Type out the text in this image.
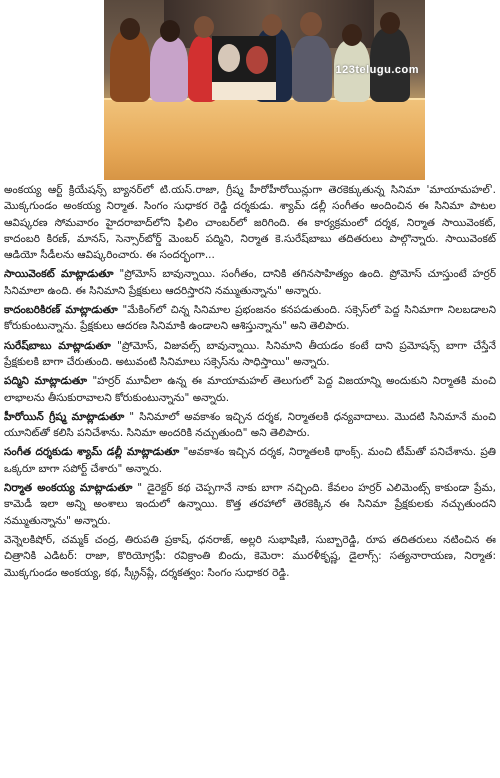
123telugu.com

అంకయ్య ఆర్ట్ క్రియేషన్స్ బ్యానర్‌లో టి.యస్.రాజా, గ్రీష్మ హీరోహీరోయిన్లుగా తెరకెక్కుతున్న సినిమా 'మాయామహల్'. మొక్కగుండం అంకయ్య నిర్మాత. సింగం సుధాకర రెడ్డి దర్శకుడు. శ్యామ్ డల్లీ సంగీతం అందించిన ఈ సినిమా పాటల ఆవిష్కరణ సోమవారం హైదరాబాద్‌లోని ఫిలిం చాంబర్‌లో జరిగింది. ఈ కార్యక్రమంలో దర్శక, నిర్మాత సాయివెంకట్, కాదంబరి కిరణ్, మానస్, సెన్సార్‌బోర్డ్ మెంబర్ పద్మిని, నిర్మాత కె.సురేష్‌బాబు తదితరులు పాల్గొన్నారు. సాయివెంకట్ ఆడియో సీడీలను ఆవిష్కరించారు. ఈ సందర్భంగా...

సాయివెంకట్ మాట్లాడుతూ "ప్రోమోస్ బావున్నాయి. సంగీతం, దానికి తగినసాహిత్యం ఉంది. ప్రోమోస్ చూస్తుంటే హర్రర్ సినిమాలా ఉంది. ఈ సినిమాని ప్రేక్షకులు ఆదరిస్తారని నమ్ముతున్నాను" అన్నారు.

కాదంబరికిరణ్ మాట్లాడుతూ "మేకింగ్‌లో చిన్న సినిమాల ప్రభంజనం కనపడుతుంది. సక్సెస్‌లో పెద్ద సినిమాగా నిలబడాలని కోరుకుంటున్నాను. ప్రేక్షకులు ఆదరణ సినిమాకి ఉండాలని ఆశిస్తున్నాను" అని తెలిపారు.

సురేష్‌బాబు మాట్లాడుతూ "ప్రోమోస్, విజువల్స్ బావున్నాయి. సినిమాని తీయడం కంటే దాని ప్రమోషన్స్ బాగా చేస్తేనే ప్రేక్షకులకి బాగా చేరుతుంది. అటువంటి సినిమాలు సక్సెస్‌ను సాధిస్తాయి" అన్నారు.

పద్మిని మాట్లాడుతూ "హర్రర్ మూవీలా ఉన్న ఈ మాయామహల్ తెలుగులో పెద్ద విజయాన్ని అందుకుని నిర్మాతకి మంచి లాభాలను తీసుకురావాలని కోరుకుంటున్నాను" అన్నారు.

హీరోయిన్ గ్రీష్మ మాట్లాడుతూ " సినిమాలో అవకాశం ఇచ్చిన దర్శక, నిర్మాతలకి ధన్యవాదాలు. మొదటి సినిమానే మంచి యూనిట్‌తో కలిసి పనిచేశాను. సినిమా అందరికి నచ్చుతుంది" అని తెలిపారు.

సంగీత దర్శకుడు శ్యామ్ డల్లీ మాట్లాడుతూ "అవకాశం ఇచ్చిన దర్శక, నిర్మాతలకి థాంక్స్. మంచి టీమ్‌తో పనిచేశాను. ప్రతి ఒక్కరూ బాగా సపోర్ట్ చేశారు" అన్నారు.

నిర్మాత అంకయ్య మాట్లాడుతూ " డైరెక్టర్ కథ చెప్పగానే నాకు బాగా నచ్చింది. కేవలం హర్రర్ ఎలిమెంట్స్ కాకుండా ప్రేమ, కామెడీ ఇలా అన్ని అంశాలు ఇందులో ఉన్నాయి. కొత్త తరహాలో తెరకెక్కిన ఈ సినిమా ప్రేక్షకులకు నచ్చుతుందని నమ్ముతున్నాను" అన్నారు.

వెన్నెలకిషోర్, చమ్మక్ చంద్ర, తిరుపతి ప్రకాష్, ధనరాజ్, అల్లరి సుభాషిణి, సుబ్బారెడ్డి, రూప తదితరులు నటించిన ఈ చిత్రానికి ఎడిటర్: రాజా, కొరియోగ్రఫీ: రవిక్రాంతి బిందు, కెమెరా: మురళీకృష్ణ, డైలాగ్స్: సత్యనారాయణ, నిర్మాత: మొక్కగుండం అంకయ్య, కథ, స్క్రీన్‌ప్లే, దర్శకత్వం: సింగం సుధాకర రెడ్డి.
